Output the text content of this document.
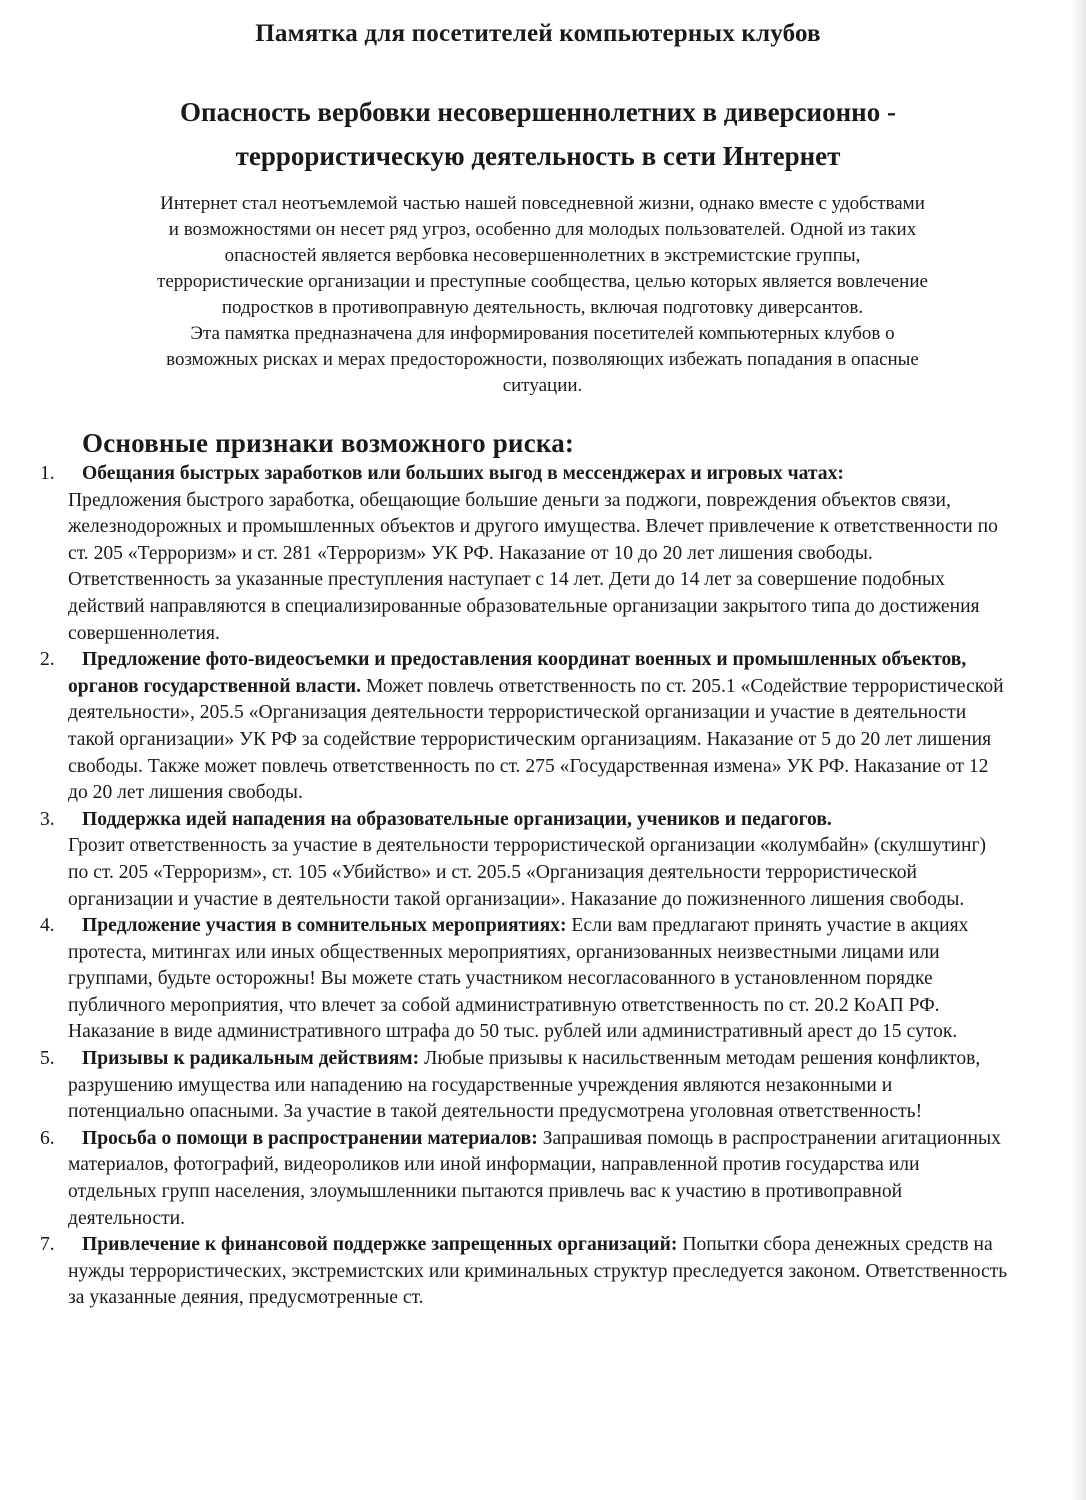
Памятка для посетителей компьютерных клубов
Опасность вербовки несовершеннолетних в диверсионно -
террористическую деятельность в сети Интернет

Интернет стал неотъемлемой частью нашей повседневной жизни, однако вместе с удобствами

и возможностями он несет ряд угроз, особенно для молодых пользователей. Одной из таких

опасностей является вербовка несовершеннолетних в экстремистские группы,

террористические организации и преступные сообщества, целью которых является вовлечение

подростков в противоправную деятельность, включая подготовку диверсантов.

Эта памятка предназначена для информирования посетителей компьютерных клубов о

возможных рисках и мерах предосторожности, позволяющих избежать попадания в опасные

ситуации.

Основные признаки возможного риска:
1. Обещания быстрых заработков или больших выгод в мессенджерах и игровых чатах:
Предложения быстрого заработка, обещающие большие деньги за поджоги, повреждения объектов связи, железнодорожных и промышленных объектов и другого имущества. Влечет привлечение к ответственности по ст. 205 «Терроризм» и ст. 281 «Терроризм» УК РФ. Наказание от 10 до 20 лет лишения свободы. Ответственность за указанные преступления наступает с 14 лет. Дети до 14 лет за совершение подобных действий направляются в специализированные образовательные организации закрытого типа до достижения совершеннолетия.
2. Предложение фото-видеосъемки и предоставления координат военных и промышленных объектов, органов государственной власти. Может повлечь ответственность по ст. 205.1 «Содействие террористической деятельности», 205.5 «Организация деятельности террористической организации и участие в деятельности такой организации» УК РФ за содействие террористическим организациям. Наказание от 5 до 20 лет лишения свободы. Также может повлечь ответственность по ст. 275 «Государственная измена» УК РФ. Наказание от 12 до 20 лет лишения свободы.
3. Поддержка идей нападения на образовательные организации, учеников и педагогов.
Грозит ответственность за участие в деятельности террористической организации «колумбайн» (скулшутинг) по ст. 205 «Терроризм», ст. 105 «Убийство» и ст. 205.5 «Организация деятельности террористической организации и участие в деятельности такой организации». Наказание до пожизненного лишения свободы.
4. Предложение участия в сомнительных мероприятиях: Если вам предлагают принять участие в акциях протеста, митингах или иных общественных мероприятиях, организованных неизвестными лицами или группами, будьте осторожны! Вы можете стать участником несогласованного в установленном порядке публичного мероприятия, что влечет за собой административную ответственность по ст. 20.2 КоАП РФ. Наказание в виде административного штрафа до 50 тыс. рублей или административный арест до 15 суток.
5. Призывы к радикальным действиям: Любые призывы к насильственным методам решения конфликтов, разрушению имущества или нападению на государственные учреждения являются незаконными и потенциально опасными. За участие в такой деятельности предусмотрена уголовная ответственность!
6. Просьба о помощи в распространении материалов: Запрашивая помощь в распространении агитационных материалов, фотографий, видеороликов или иной информации, направленной против государства или отдельных групп населения, злоумышленники пытаются привлечь вас к участию в противоправной деятельности.
7. Привлечение к финансовой поддержке запрещенных организаций: Попытки сбора денежных средств на нужды террористических, экстремистских или криминальных структур преследуется законом. Ответственность за указанные деяния, предусмотренные ст.
